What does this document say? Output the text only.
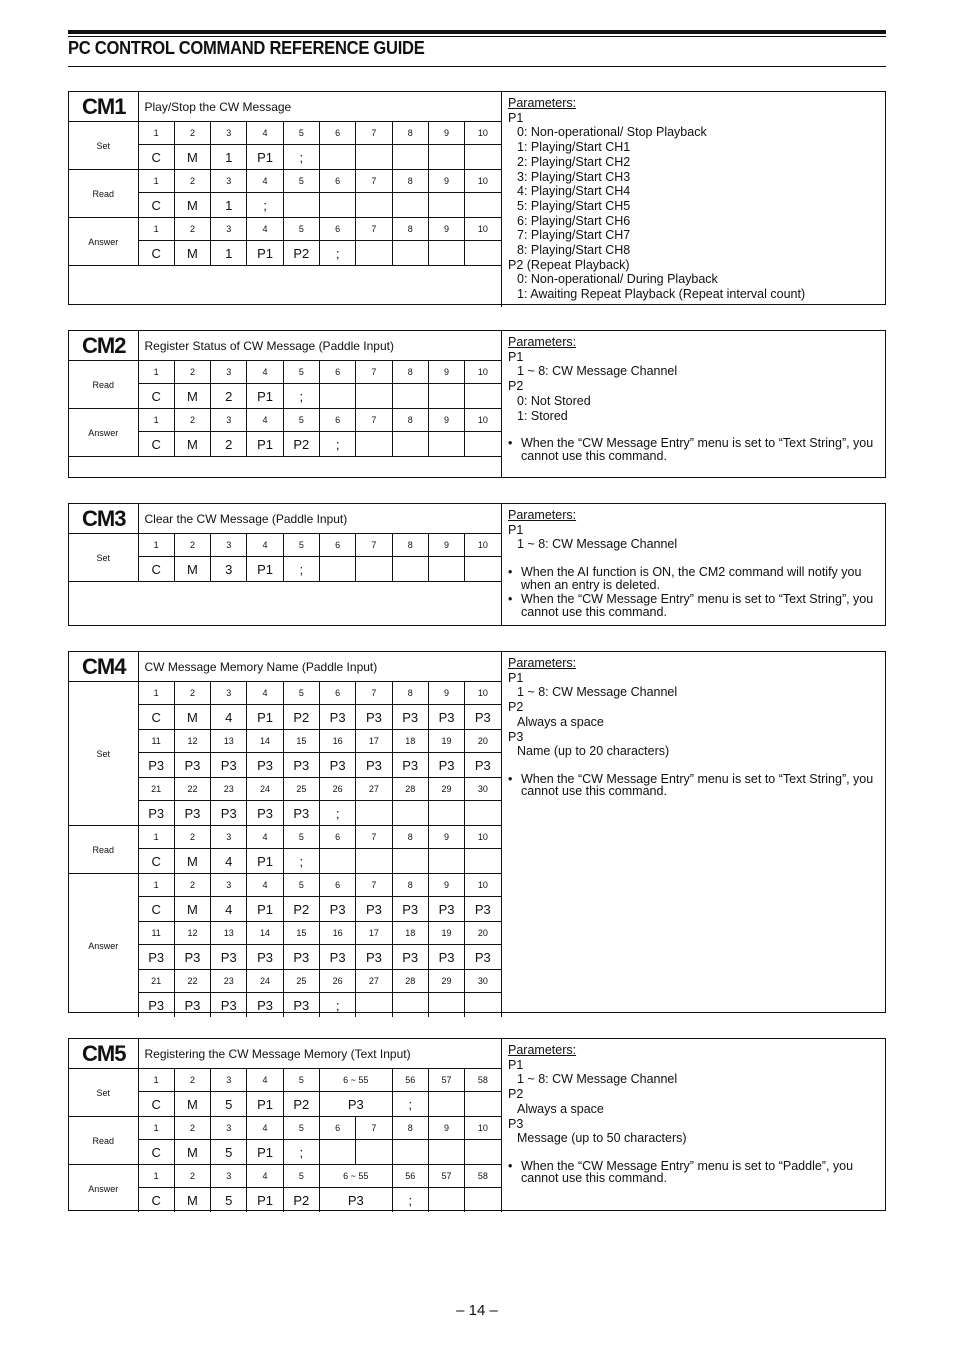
PC CONTROL COMMAND REFERENCE GUIDE
CM1	Play/Stop the CW Message									
Set	1	2	3	4	5	6	7	8	9	10
	C	M	1	P1	;					
Read	1	2	3	4	5	6	7	8	9	10
	C	M	1	;						
Answer	1	2	3	4	5	6	7	8	9	10
	C	M	1	P1	P2	;				

Parameters:
P1
0: Non-operational/ Stop Playback
1: Playing/Start CH1
2: Playing/Start CH2
3: Playing/Start CH3
4: Playing/Start CH4
5: Playing/Start CH5
6: Playing/Start CH6
7: Playing/Start CH7
8: Playing/Start CH8
P2 (Repeat Playback)
0: Non-operational/ During Playback
1: Awaiting Repeat Playback (Repeat interval count)
CM2	Register Status of CW Message (Paddle Input)									
Read	1	2	3	4	5	6	7	8	9	10
	C	M	2	P1	;					
Answer	1	2	3	4	5	6	7	8	9	10
	C	M	2	P1	P2	;				

Parameters:
P1
1 ~ 8: CW Message Channel
P2
0: Not Stored
1: Stored
• When the “CW Message Entry” menu is set to “Text String”, you cannot use this command.
CM3	Clear the CW Message (Paddle Input)									
Set	1	2	3	4	5	6	7	8	9	10
	C	M	3	P1	;					

Parameters:
P1
1 ~ 8: CW Message Channel
• When the AI function is ON, the CM2 command will notify you when an entry is deleted.
• When the “CW Message Entry” menu is set to “Text String”, you cannot use this command.
CM4	CW Message Memory Name (Paddle Input)									
Set	1	2	3	4	5	6	7	8	9	10
	C	M	4	P1	P2	P3	P3	P3	P3	P3
	11	12	13	14	15	16	17	18	19	20
	P3	P3	P3	P3	P3	P3	P3	P3	P3	P3
	21	22	23	24	25	26	27	28	29	30
	P3	P3	P3	P3	P3	;				
Read	1	2	3	4	5	6	7	8	9	10
	C	M	4	P1	;					
Answer	1	2	3	4	5	6	7	8	9	10
	C	M	4	P1	P2	P3	P3	P3	P3	P3
	11	12	13	14	15	16	17	18	19	20
	P3	P3	P3	P3	P3	P3	P3	P3	P3	P3
	21	22	23	24	25	26	27	28	29	30
	P3	P3	P3	P3	P3	;				
Parameters:
P1
1 ~ 8: CW Message Channel
P2
Always a space
P3
Name (up to 20 characters)
• When the “CW Message Entry” menu is set to “Text String”, you cannot use this command.
CM5	Registering the CW Message Memory (Text Input)									
Set	1	2	3	4	5	6 ~ 55		56	57	58
	C	M	5	P1	P2	P3		;		
Read	1	2	3	4	5	6	7	8	9	10
	C	M	5	P1	;					
Answer	1	2	3	4	5	6 ~ 55		56	57	58
	C	M	5	P1	P2	P3		;		
Parameters:
P1
1 ~ 8: CW Message Channel
P2
Always a space
P3
Message (up to 50 characters)
• When the “CW Message Entry” menu is set to “Paddle”, you cannot use this command.
– 14 –
